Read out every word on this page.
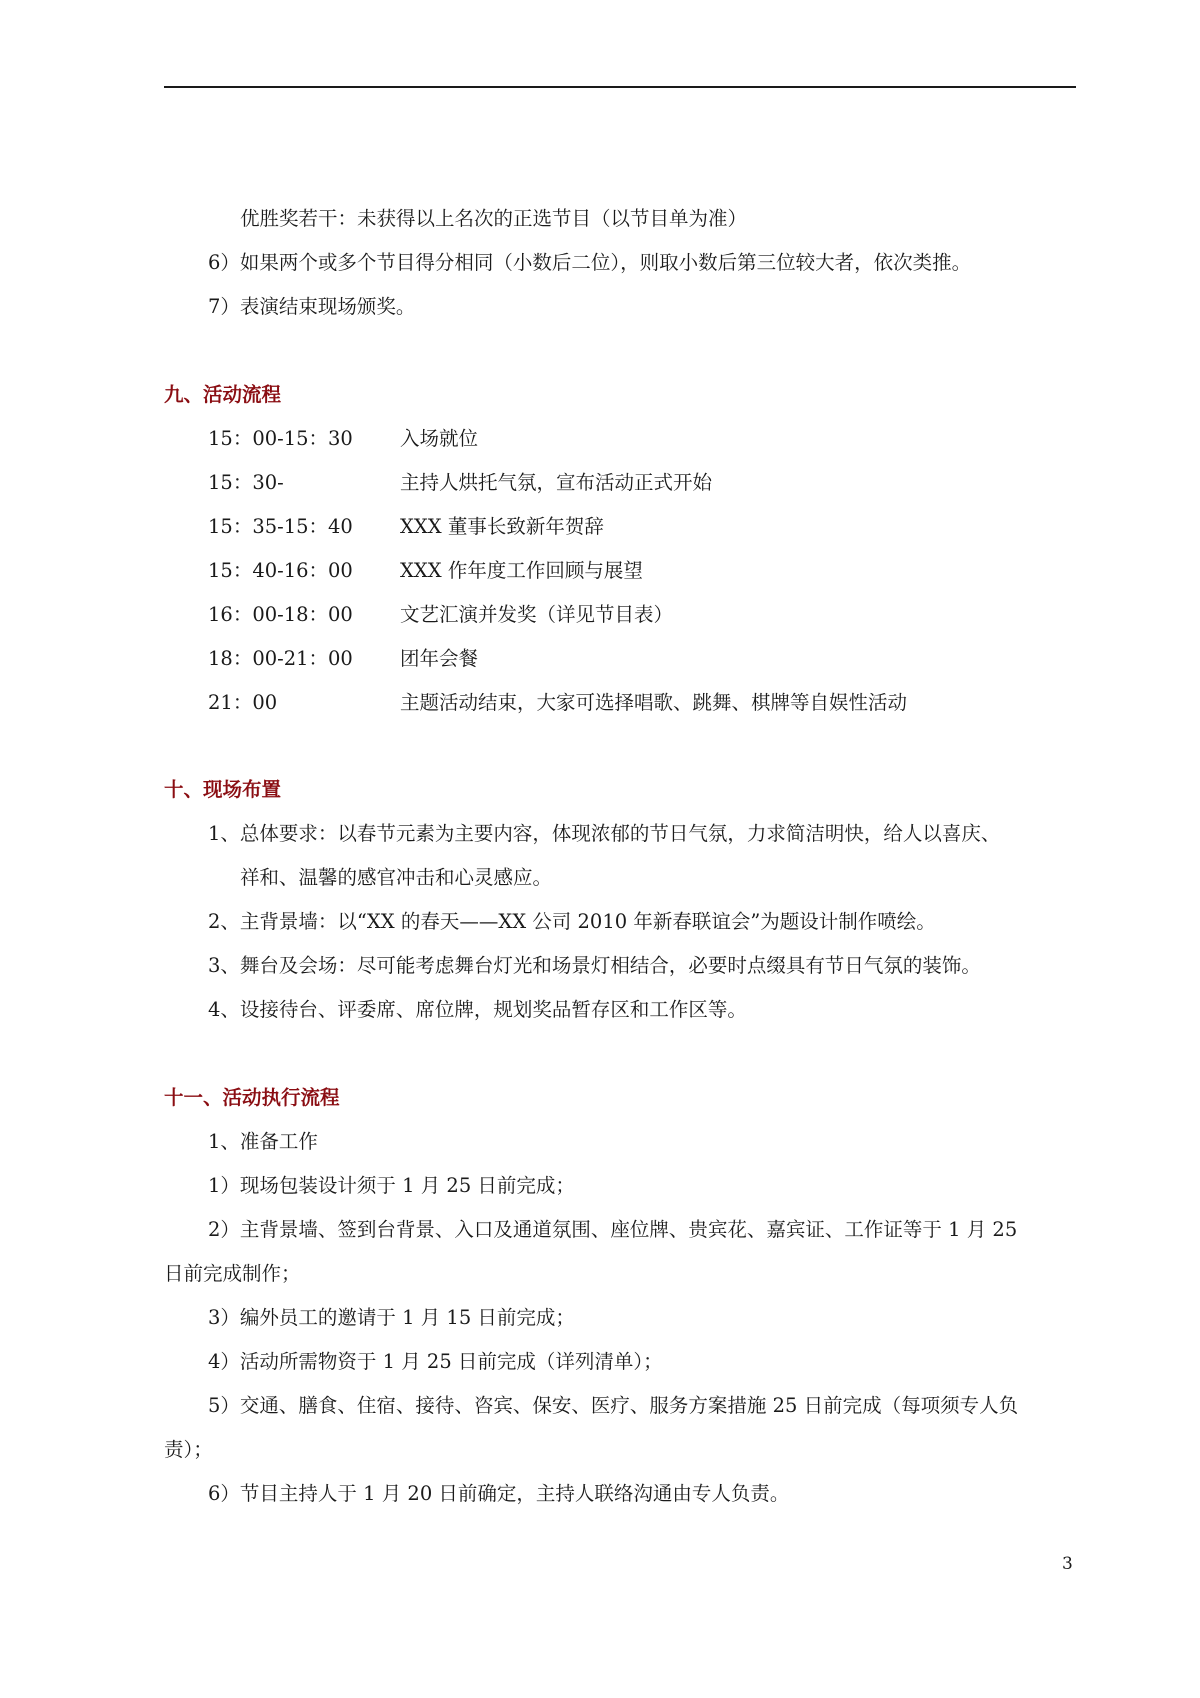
优胜奖若干：未获得以上名次的正选节目（以节目单为准）

6）如果两个或多个节目得分相同（小数后二位），则取小数后第三位较大者，依次类推。

7）表演结束现场颁奖。

九、活动流程
15：00-15：30 入场就位
15：30-	主持人烘托气氛，宣布活动正式开始
15：35-15：40 XXX 董事长致新年贺辞
15：40-16：00 XXX 作年度工作回顾与展望
16：00-18：00 文艺汇演并发奖（详见节目表）
18：00-21：00 团年会餐
21：00	主题活动结束，大家可选择唱歌、跳舞、棋牌等自娱性活动
十、现场布置

1、总体要求：以春节元素为主要内容，体现浓郁的节日气氛，力求简洁明快，给人以喜庆、

祥和、温馨的感官冲击和心灵感应。

2、主背景墙：以“XX 的春天——XX 公司 2010 年新春联谊会”为题设计制作喷绘。

3、舞台及会场：尽可能考虑舞台灯光和场景灯相结合，必要时点缀具有节日气氛的装饰。

4、设接待台、评委席、席位牌，规划奖品暂存区和工作区等。

十一、活动执行流程

1、准备工作

1）现场包装设计须于 1 月 25 日前完成；

2）主背景墙、签到台背景、入口及通道氛围、座位牌、贵宾花、嘉宾证、工作证等于 1 月 25

日前完成制作；

3）编外员工的邀请于 1 月 15 日前完成；

4）活动所需物资于 1 月 25 日前完成（详列清单）；

5）交通、膳食、住宿、接待、咨宾、保安、医疗、服务方案措施 25 日前完成（每项须专人负

责）；

6）节目主持人于 1 月 20 日前确定，主持人联络沟通由专人负责。

3
